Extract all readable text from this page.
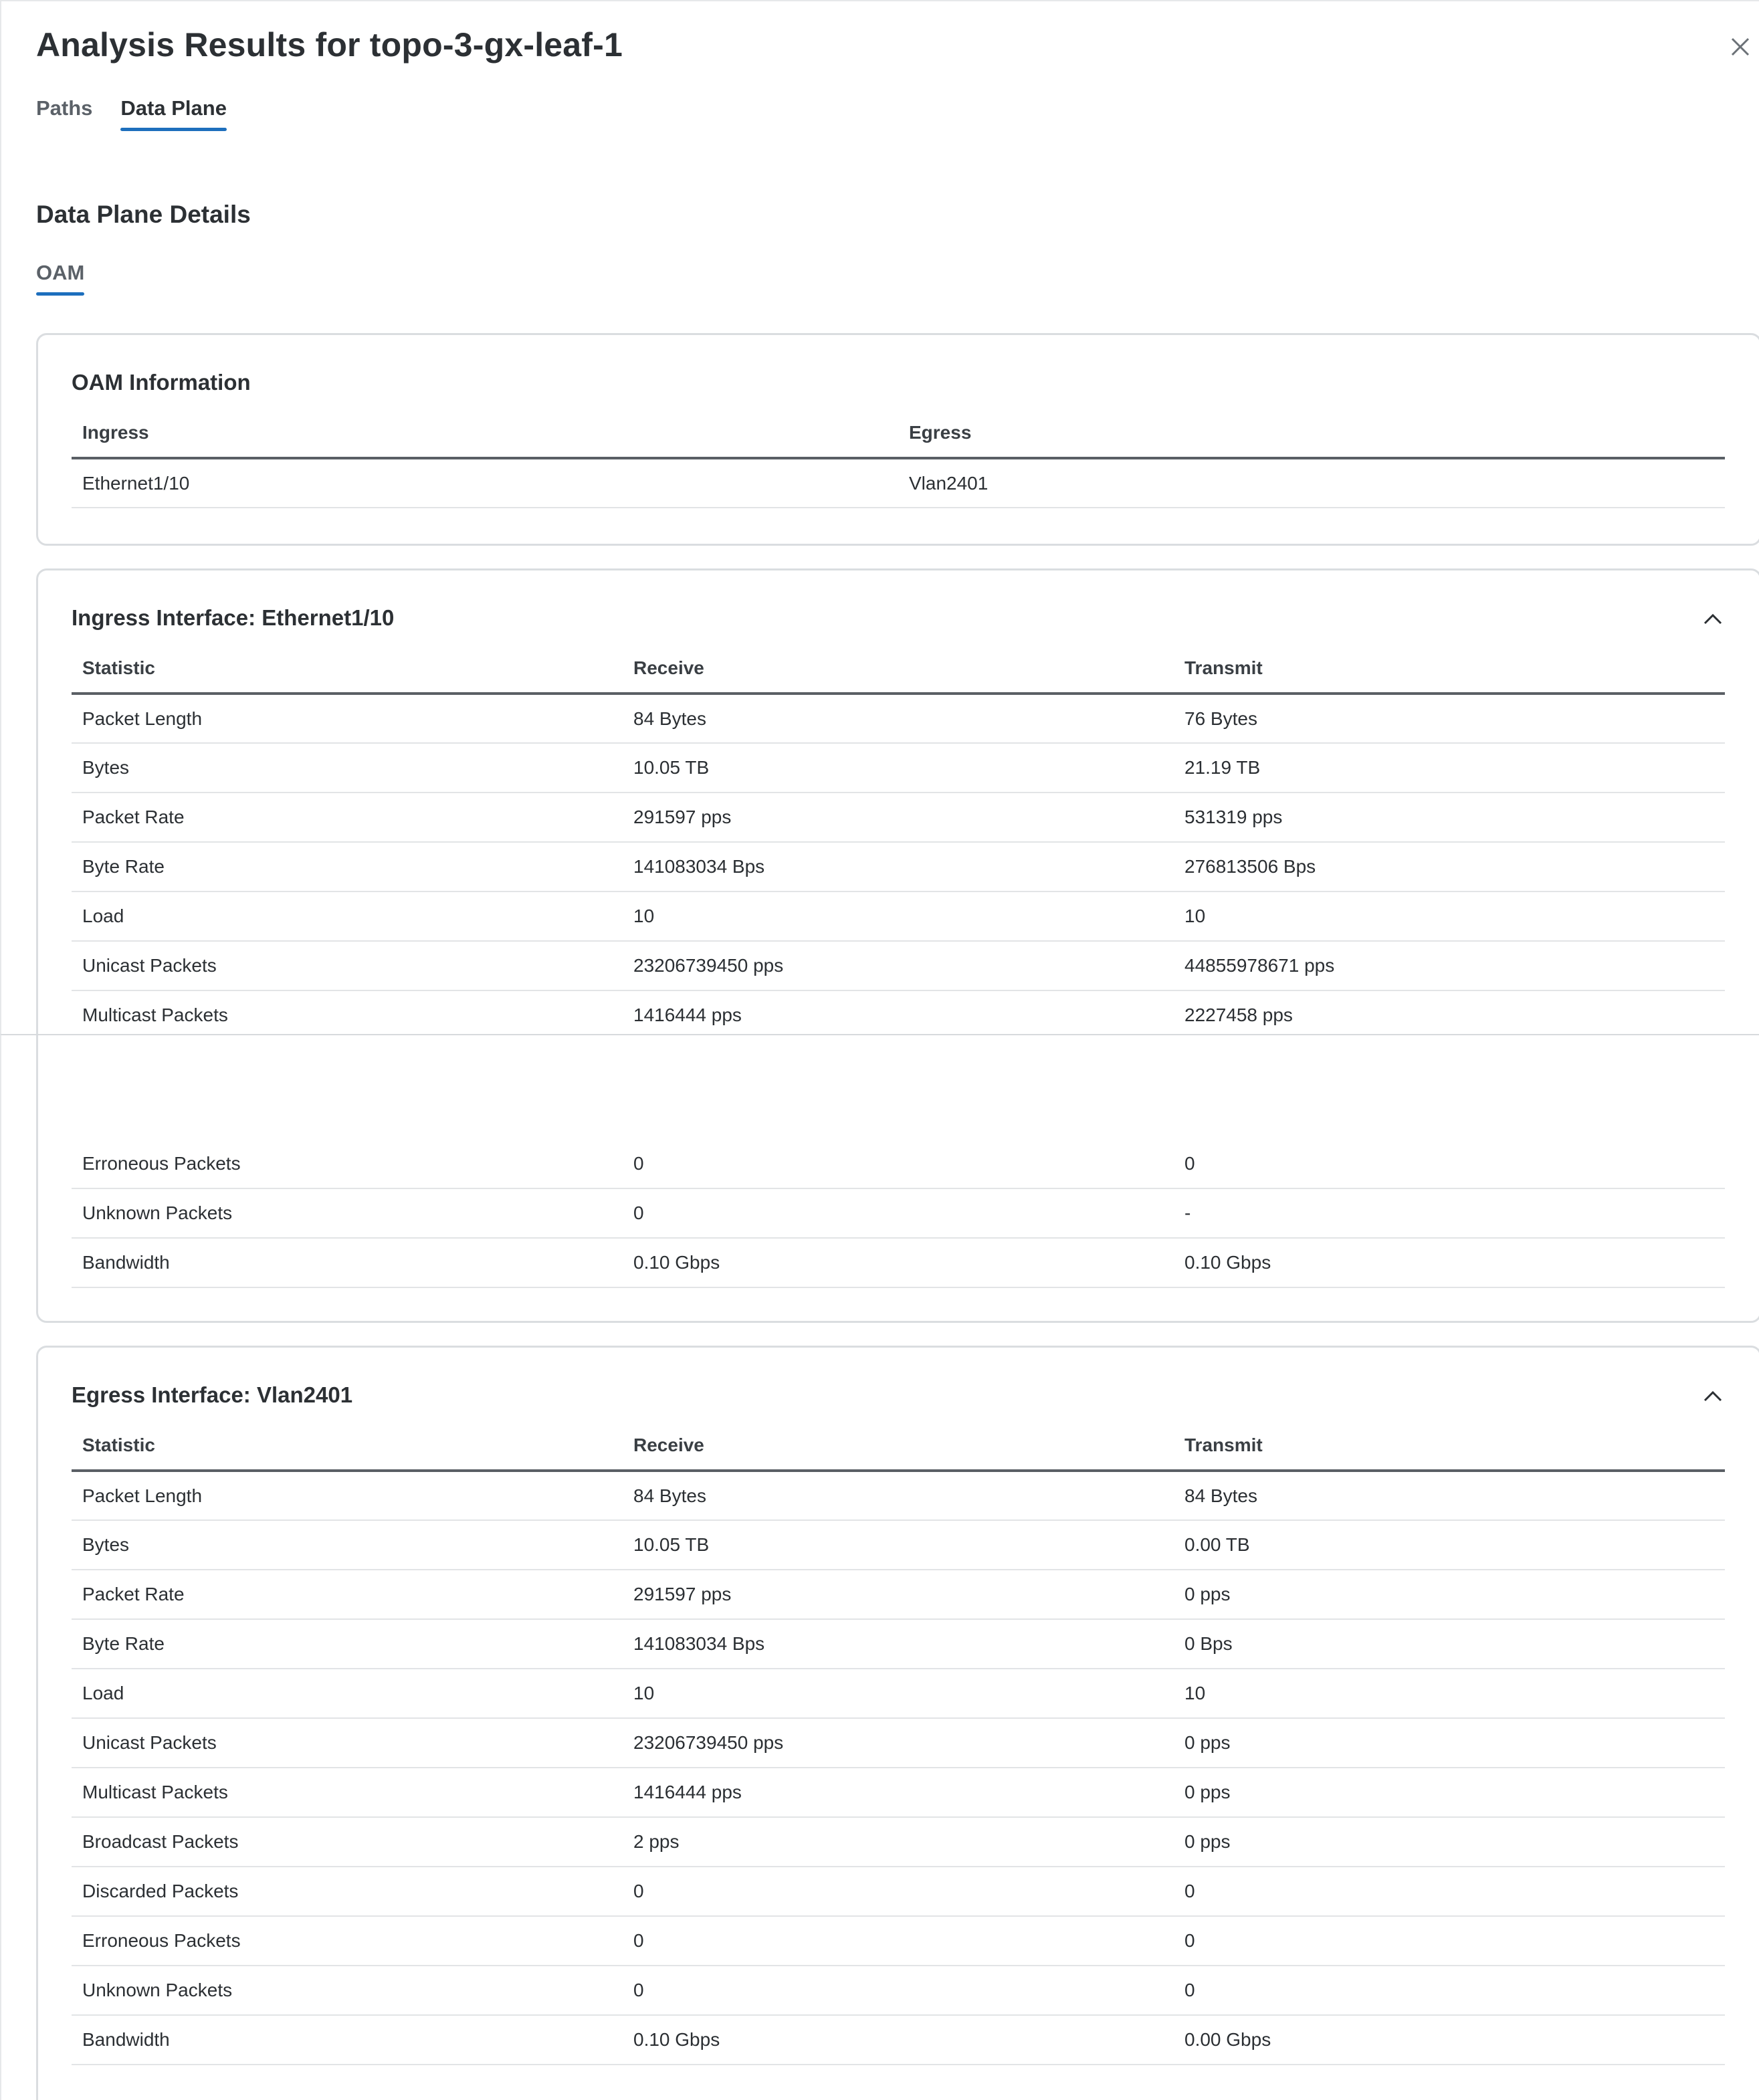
Analysis Results for topo-3-gx-leaf-1
Paths Data Plane
Data Plane Details
OAM
OAM Information
Ingress	Egress
Ethernet1/10	Vlan2401
Ingress Interface: Ethernet1/10
Statistic	Receive	Transmit
Packet Length	84 Bytes	76 Bytes
Bytes	10.05 TB	21.19 TB
Packet Rate	291597 pps	531319 pps
Byte Rate	141083034 Bps	276813506 Bps
Load	10	10
Unicast Packets	23206739450 pps	44855978671 pps
Multicast Packets	1416444 pps	2227458 pps
Erroneous Packets	0	0
Unknown Packets	0	-
Bandwidth	0.10 Gbps	0.10 Gbps
Egress Interface: Vlan2401
Statistic	Receive	Transmit
Packet Length	84 Bytes	84 Bytes
Bytes	10.05 TB	0.00 TB
Packet Rate	291597 pps	0 pps
Byte Rate	141083034 Bps	0 Bps
Load	10	10
Unicast Packets	23206739450 pps	0 pps
Multicast Packets	1416444 pps	0 pps
Broadcast Packets	2 pps	0 pps
Discarded Packets	0	0
Erroneous Packets	0	0
Unknown Packets	0	0
Bandwidth	0.10 Gbps	0.00 Gbps
